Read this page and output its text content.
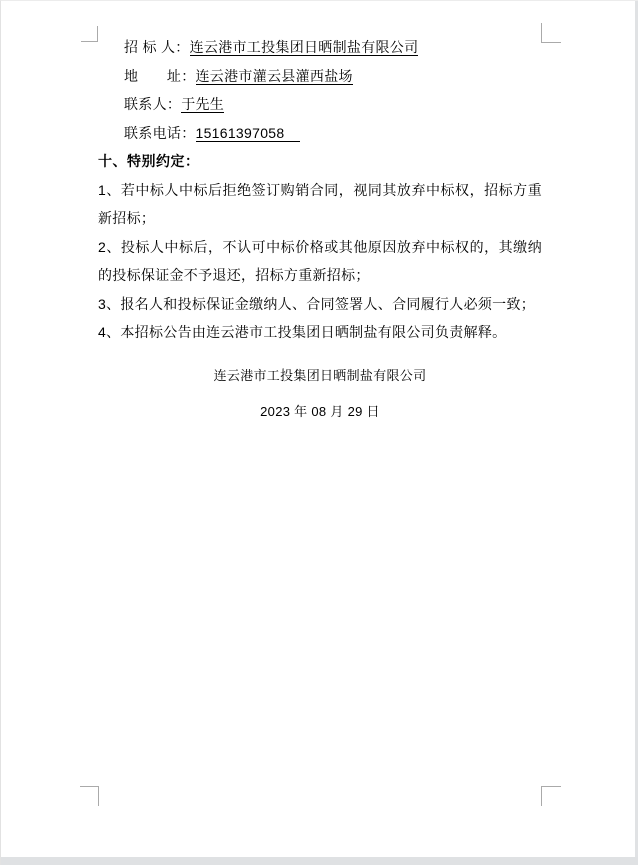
招 标 人：连云港市工投集团日晒制盐有限公司
地　　址：连云港市灌云县灌西盐场
联系人：于先生
联系电话：15161397058
十、特别约定：
1、若中标人中标后拒绝签订购销合同，视同其放弃中标权，招标方重新招标；
2、投标人中标后，不认可中标价格或其他原因放弃中标权的，其缴纳的投标保证金不予退还，招标方重新招标；
3、报名人和投标保证金缴纳人、合同签署人、合同履行人必须一致；
4、本招标公告由连云港市工投集团日晒制盐有限公司负责解释。
连云港市工投集团日晒制盐有限公司
2023 年 08 月 29 日
